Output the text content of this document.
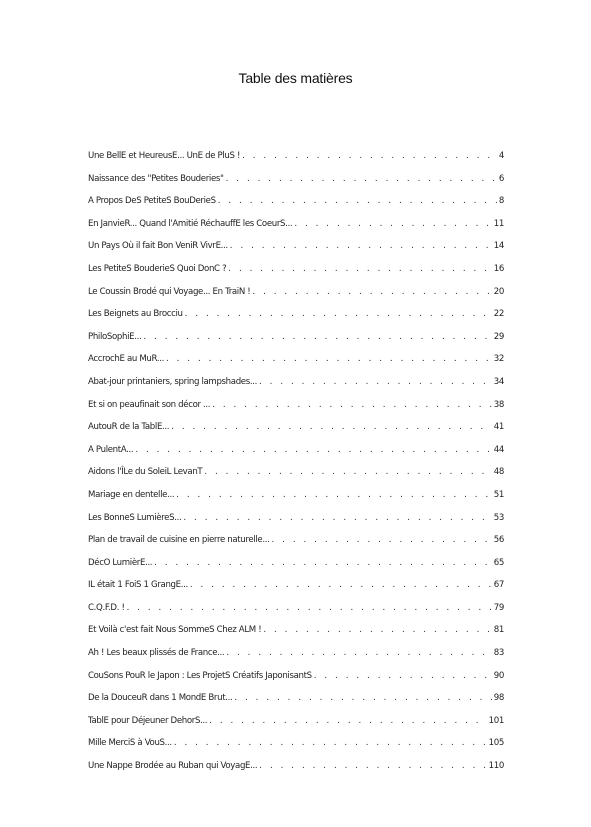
Table des matières
Une BellE et HeureusE... UnE de PluS ! . . .	4
Naissance des "Petites Bouderies" . . .	6
A Propos DeS PetiteS BouDerieS . . .	8
En JanvieR... Quand l'Amitié RéchauffE les CoeurS... . . .	11
Un Pays Où il fait Bon VeniR VivrE... . . .	14
Les PetiteS BouderieS Quoi DonC ? . . .	16
Le Coussin Brodé qui Voyage... En TraiN ! . . .	20
Les Beignets au Brocciu . . .	22
PhiloSophiE... . . .	29
AccrochE au MuR... . . .	32
Abat-jour printaniers, spring lampshades... . . .	34
Et si on peaufinait son décor ... . . .	38
AutouR de la TablE... . . .	41
A PulentA... . . .	44
Aidons l'ÎLe du SoleiL LevanT . . .	48
Mariage en dentelle... . . .	51
Les BonneS LumièreS... . . .	53
Plan de travail de cuisine en pierre naturelle... . . .	56
DécO LumièrE... . . .	65
IL était 1 FoiS 1 GrangE... . . .	67
C.Q.F.D. ! . . .	79
Et Voilà c'est fait Nous SommeS Chez ALM ! . . .	81
Ah ! Les beaux plissés de France... . . .	83
CouSons PouR le Japon : Les ProjetS Créatifs JaponisantS . . .	90
De la DouceuR dans 1 MondE Brut... . . .	98
TablE pour Déjeuner DehorS... . . .	101
Mille MerciS à VouS... . . .	105
Une Nappe Brodée au Ruban qui VoyagE... . . .	110
